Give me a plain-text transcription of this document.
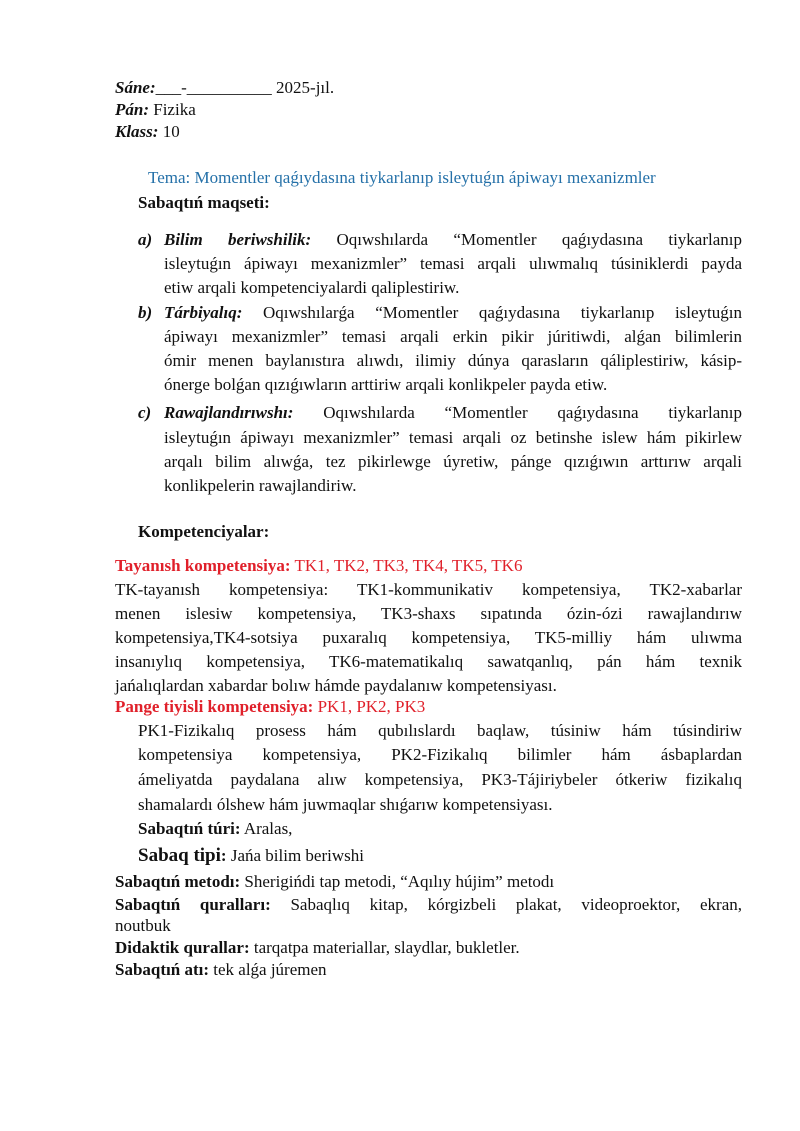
Sáne:___-__________ 2025-jıl.
Pán: Fizika
Klass: 10
Tema: Momentler qaǵıydasına tiykarlanıp isleytuǵın ápiwayı mexanizmler
Sabaqtıń maqseti:
a) Bilim beriwshilik: Oqıwshılarda “Momentler qaǵıydasına tiykarlanıp
isleytuǵın ápiwayı mexanizmler” temasi arqali ulıwmalıq túsiniklerdi payda
etiw arqali kompetenciyalardi qaliplestiriw.
b) Tárbiyalıq: Oqıwshılarǵa “Momentler qaǵıydasına tiykarlanıp isleytuǵın
ápiwayı mexanizmler” temasi arqali erkin pikir júritiwdi, alǵan bilimlerin
ómir menen baylanıstıra alıwdı, ilimiy dúnya qarasların qáliplestiriw, kásip-
ónerge bolǵan qızıǵıwların arttiriw arqali konlikpeler payda etiw.
c) Rawajlandırıwshı: Oqıwshılarda “Momentler qaǵıydasına tiykarlanıp
isleytuǵın ápiwayı mexanizmler” temasi arqali oz betinshe islew hám pikirlew
arqalı bilim alıwǵa, tez pikirlewge úyretiw, pánge qızıǵıwın arttırıw arqali
konlikpelerin rawajlandiriw.
Kompetenciyalar:
Tayanısh kompetensiya: TK1, TK2, TK3, TK4, TK5, TK6
TK-tayanısh kompetensiya: TK1-kommunikativ kompetensiya, TK2-xabarlar
menen islesiw kompetensiya, TK3-shaxs sıpatında ózin-ózi rawajlandırıw
kompetensiya,TK4-sotsiya puxaralıq kompetensiya, TK5-milliy hám ulıwma
insanıylıq kompetensiya, TK6-matematikalıq sawatqanlıq, pán hám texnik
jańalıqlardan xabardar bolıw hámde paydalanıw kompetensiyası.
Pange tiyisli kompetensiya: PK1, PK2, PK3
PK1-Fizikalıq prosess hám qubılıslardı baqlaw, túsiniw hám túsindiriw
kompetensiya kompetensiya, PK2-Fizikalıq bilimler hám ásbaplardan
ámeliyatda paydalana alıw kompetensiya, PK3-Tájiriybeler ótkeriw fizikalıq
shamalardı ólshew hám juwmaqlar shıǵarıw kompetensiyası.
Sabaqtıń túri: Aralas,
Sabaq tipi: Jańa bilim beriwshi
Sabaqtıń metodı: Sherigińdi tap metodi, “Aqılıy hújim” metodı
Sabaqtıń quralları: Sabaqlıq kitap, kórgizbeli plakat, videoproektor, ekran,
noutbuk
Didaktik qurallar: tarqatpa materiallar, slaydlar, bukletler.
Sabaqtıń atı: tek alǵa júremen
